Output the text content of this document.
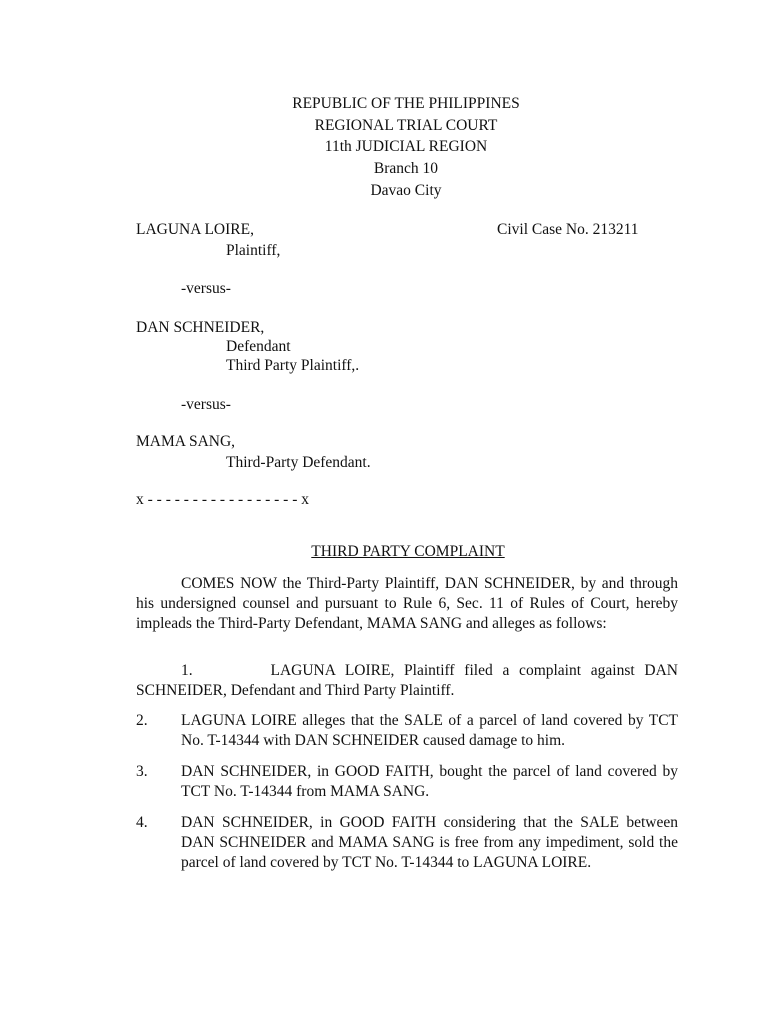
REPUBLIC OF THE PHILIPPINES
REGIONAL TRIAL COURT
11th JUDICIAL REGION
Branch 10
Davao City
LAGUNA LOIRE,	Civil Case No. 213211
Plaintiff,
-versus-
DAN SCHNEIDER,
Defendant
Third Party Plaintiff,.
-versus-
MAMA SANG,
Third-Party Defendant.
x - - - - - - - - - - - - - - - - - x
THIRD PARTY COMPLAINT

COMES NOW the Third-Party Plaintiff, DAN SCHNEIDER, by and through his undersigned counsel and pursuant to Rule 6, Sec. 11 of Rules of Court, hereby impleads the Third-Party Defendant, MAMA SANG and alleges as follows:

1.        LAGUNA LOIRE, Plaintiff filed a complaint against DAN SCHNEIDER, Defendant and Third Party Plaintiff.
2. LAGUNA LOIRE alleges that the SALE of a parcel of land covered by TCT No. T-14344 with DAN SCHNEIDER caused damage to him.
3. DAN SCHNEIDER, in GOOD FAITH, bought the parcel of land covered by TCT No. T-14344 from MAMA SANG.
4. DAN SCHNEIDER, in GOOD FAITH considering that the SALE between DAN SCHNEIDER and MAMA SANG is free from any impediment, sold the parcel of land covered by TCT No. T-14344 to LAGUNA LOIRE.
